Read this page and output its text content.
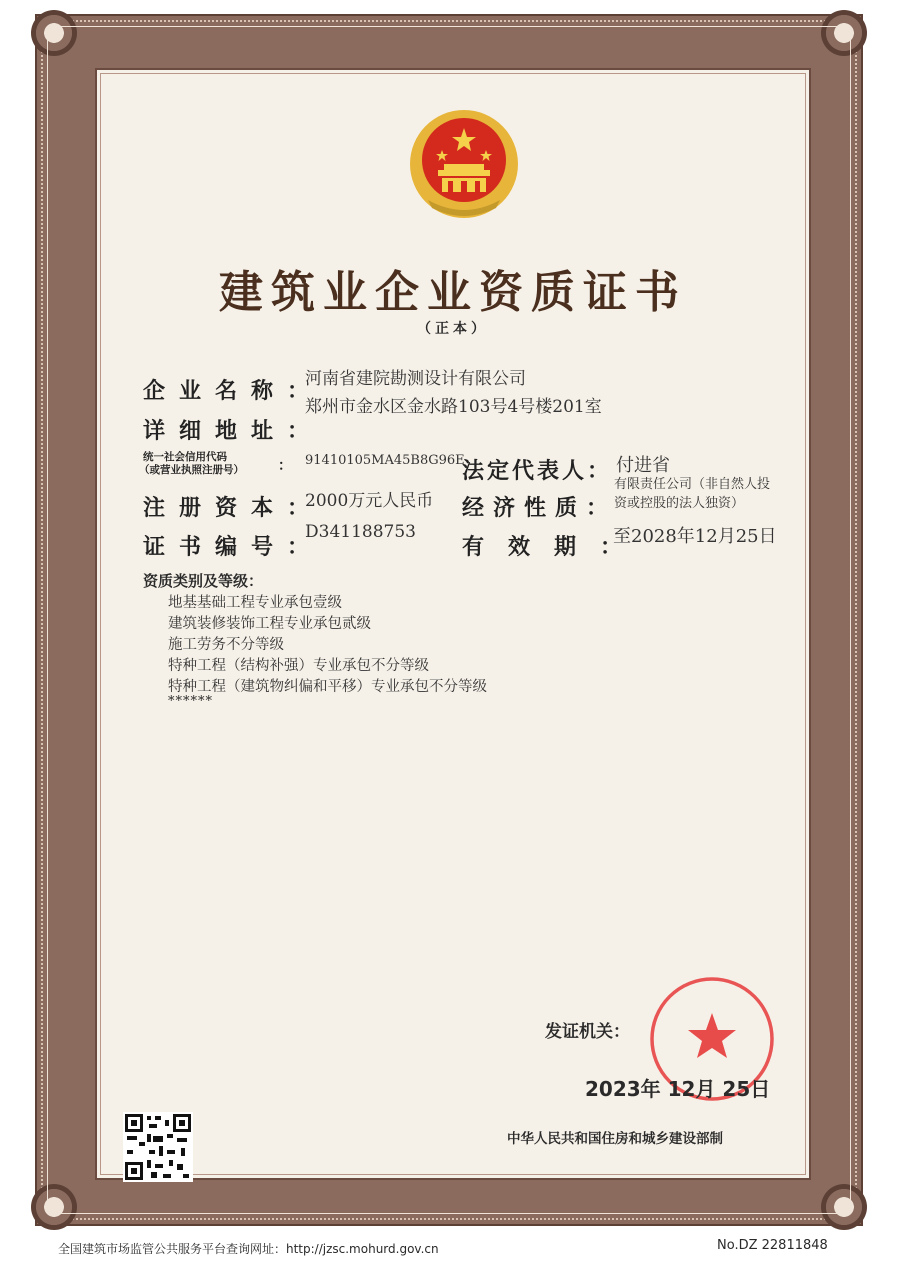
建筑业企业资质证书
（正本）
企业名称：
河南省建院勘测设计有限公司
详细地址：
郑州市金水区金水路103号4号楼201室
统一社会信用代码
（或营业执照注册号） ： 91410105MA45B8G96E
法定代表人： 付进省
注册资本：
2000万元人民币 经济性质：
有限责任公司（非自然人投
资或控股的法人独资）
证书编号：
D341188753
有效期：
至2028年12月25日
资质类别及等级：
地基基础工程专业承包壹级
建筑装修装饰工程专业承包贰级
施工劳务不分等级
特种工程（结构补强）专业承包不分等级
特种工程（建筑物纠偏和平移）专业承包不分等级
******
发证机关：
2023年 12月 25日
中华人民共和国住房和城乡建设部制
全国建筑市场监管公共服务平台查询网址：http://jzsc.mohurd.gov.cn	No.DZ 22811848
